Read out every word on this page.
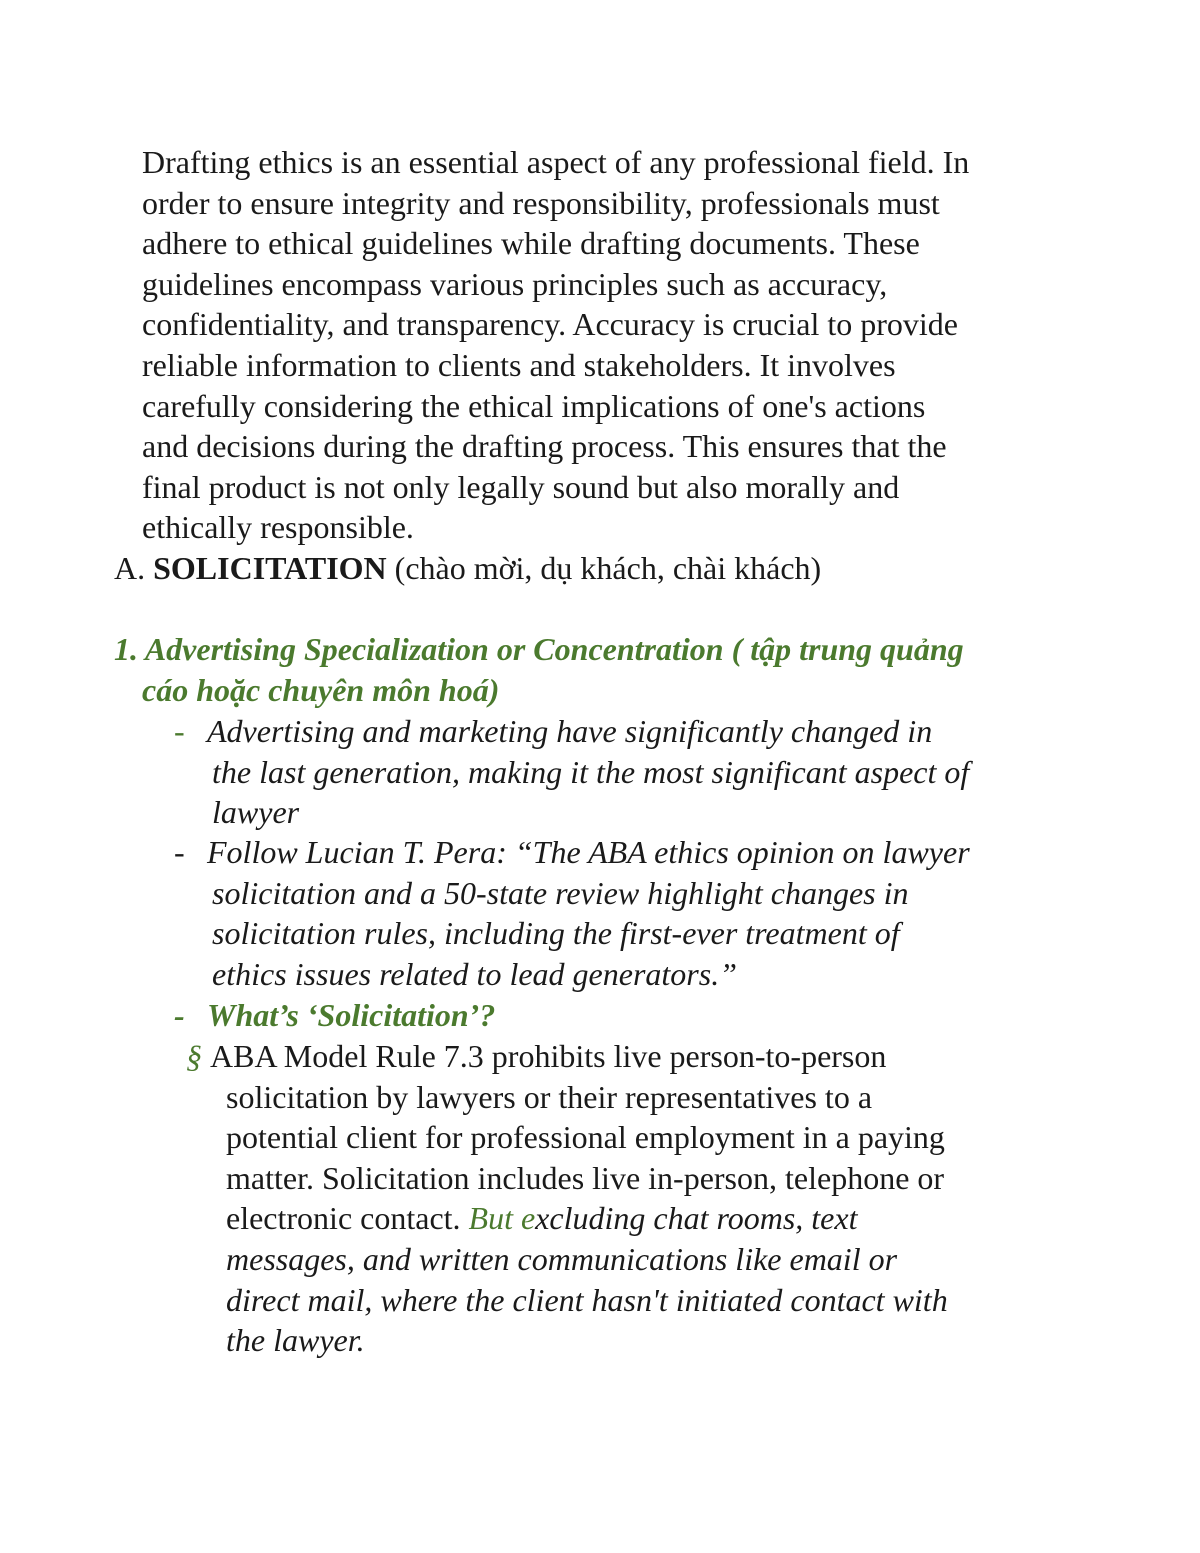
Drafting ethics is an essential aspect of any professional field. In
order to ensure integrity and responsibility, professionals must
adhere to ethical guidelines while drafting documents. These
guidelines encompass various principles such as accuracy,
confidentiality, and transparency. Accuracy is crucial to provide
reliable information to clients and stakeholders. It involves
carefully considering the ethical implications of one's actions
and decisions during the drafting process. This ensures that the
final product is not only legally sound but also morally and
ethically responsible.
A. SOLICITATION (chào mời, dụ khách, chài khách)
1. Advertising Specialization or Concentration ( tập trung quảng
cáo hoặc chuyên môn hoá)
- Advertising and marketing have significantly changed in
the last generation, making it the most significant aspect of
lawyer
- Follow Lucian T. Pera: “The ABA ethics opinion on lawyer
solicitation and a 50-state review highlight changes in
solicitation rules, including the first-ever treatment of
ethics issues related to lead generators.”
- What’s ‘Solicitation’?
§ ABA Model Rule 7.3 prohibits live person-to-person
solicitation by lawyers or their representatives to a
potential client for professional employment in a paying
matter. Solicitation includes live in-person, telephone or
electronic contact. But excluding chat rooms, text
messages, and written communications like email or
direct mail, where the client hasn't initiated contact with
the lawyer.
